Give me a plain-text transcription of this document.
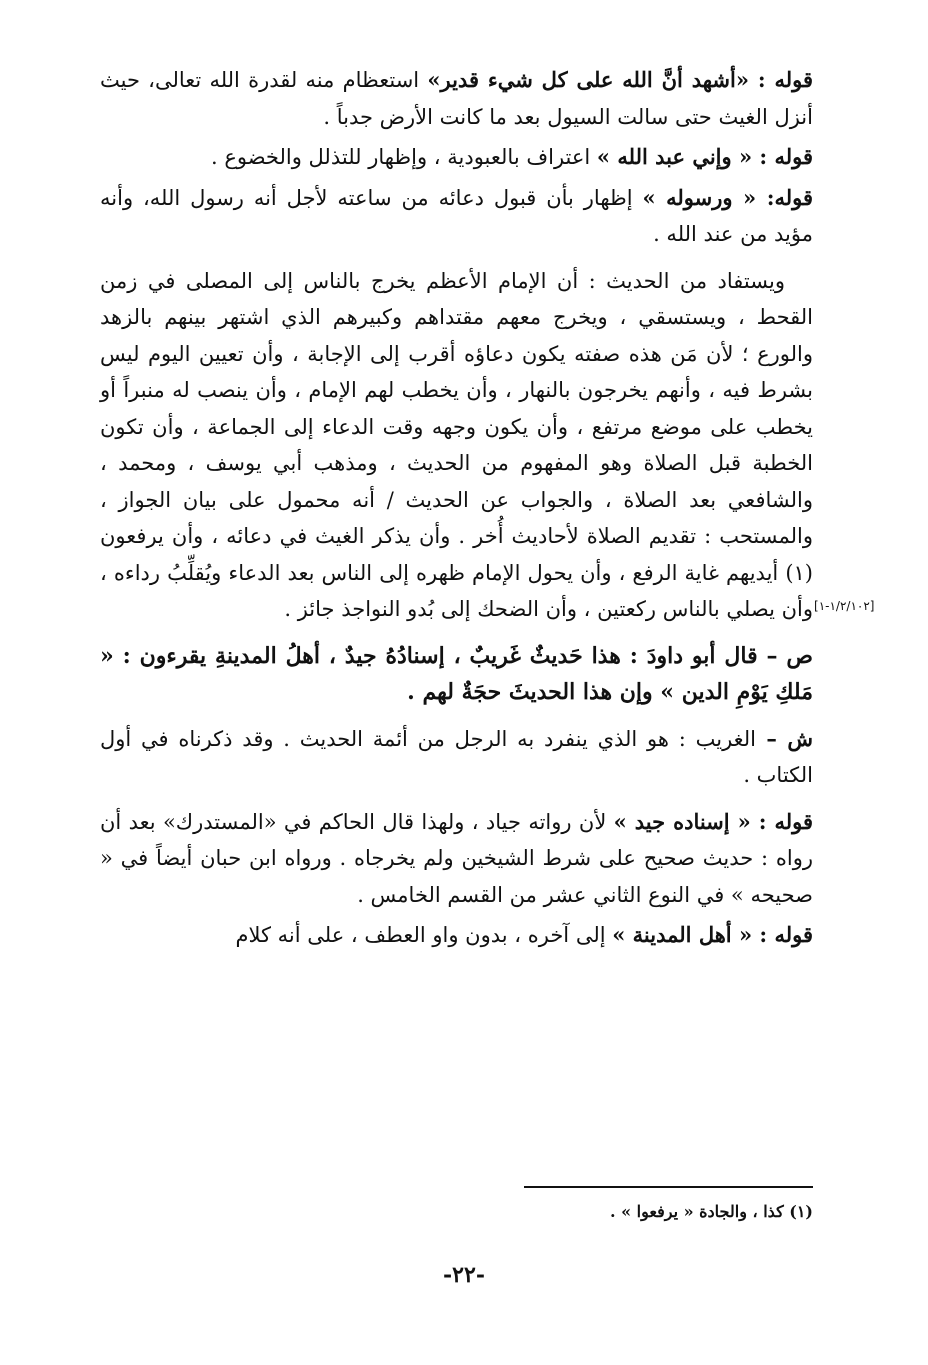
قوله : «أشهد أنَّ الله على كل شيء قدير» استعظام منه لقدرة الله تعالى، حيث أنزل الغيث حتى سالت السيول بعد ما كانت الأرض جدباً .

قوله : « وإني عبد الله » اعتراف بالعبودية ، وإظهار للتذلل والخضوع .

قوله: « ورسوله » إظهار بأن قبول دعائه من ساعته لأجل أنه رسول الله، وأنه مؤيد من عند الله .

ويستفاد من الحديث : أن الإمام الأعظم يخرج بالناس إلى المصلى في زمن القحط ، ويستسقي ، ويخرج معهم مقتداهم وكبيرهم الذي اشتهر بينهم بالزهد والورع ؛ لأن مَن هذه صفته يكون دعاؤه أقرب إلى الإجابة ، وأن تعيين اليوم ليس بشرط فيه ، وأنهم يخرجون بالنهار ، وأن يخطب لهم الإمام ، وأن ينصب له منبراً أو يخطب على موضع مرتفع ، وأن يكون وجهه وقت الدعاء إلى الجماعة ، وأن تكون الخطبة قبل الصلاة وهو المفهوم من الحديث ، ومذهب أبي يوسف ، ومحمد ، والشافعي بعد الصلاة ، والجواب عن الحديث / أنه محمول على بيان الجواز ، والمستحب : تقديم الصلاة لأحاديث أُخر . وأن يذكر الغيث في دعائه ، وأن يرفعون (١) أيديهم غاية الرفع ، وأن يحول الإمام ظهره إلى الناس بعد الدعاء ويُقلِّبُ رداءه ، وأن يصلي بالناس ركعتين ، وأن الضحك إلى بُدو النواجذ جائز .

ص – قال أبو داودَ : هذا حَديثٌ غَريبٌ ، إسنادُهُ جيدٌ ، أهلُ المدينةِ يقرءون : « مَلكِ يَوْمِ الدين » وإن هذا الحديثَ حجَةٌ لهم .

ش – الغريب : هو الذي ينفرد به الرجل من أئمة الحديث . وقد ذكرناه في أول الكتاب .

قوله : « إسناده جيد » لأن رواته جياد ، ولهذا قال الحاكم في «المستدرك» بعد أن رواه : حديث صحيح على شرط الشيخين ولم يخرجاه . ورواه ابن حبان أيضاً في « صحيحه » في النوع الثاني عشر من القسم الخامس .

قوله : « أهل المدينة » إلى آخره ، بدون واو العطف ، على أنه كلام

[١/٢/١٠٢-١]
(١) كذا ، والجادة « يرفعوا » .
-٢٢-
